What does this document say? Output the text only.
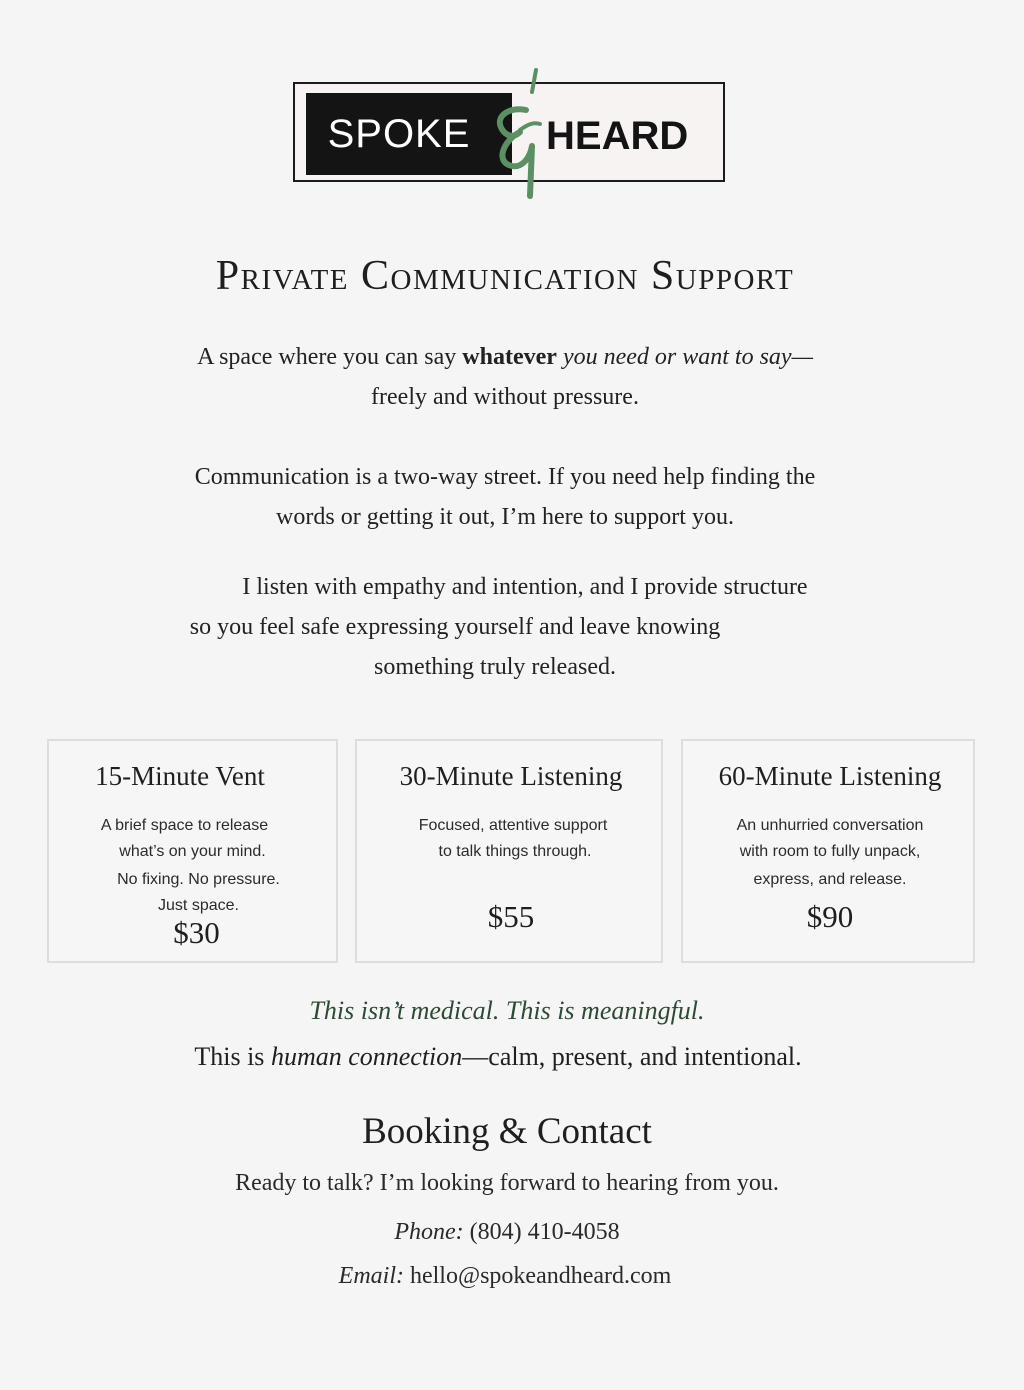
SPOKE	HEARD
Private Communication Support
A space where you can say whatever you need or want to say—
freely and without pressure.
Communication is a two-way street. If you need help finding the
words or getting it out, I’m here to support you.
I listen with empathy and intention, and I provide structure
so you feel safe expressing yourself and leave knowing
something truly released.
15-Minute Vent
A brief space to release
what’s on your mind.
No fixing. No pressure.
Just space.
$30
30-Minute Listening
Focused, attentive support
to talk things through.
$55
60-Minute Listening
An unhurried conversation
with room to fully unpack,
express, and release.
$90
This isn’t medical. This is meaningful.
This is human connection—calm, present, and intentional.
Booking & Contact
Ready to talk? I’m looking forward to hearing from you.
Phone: (804) 410-4058
Email: hello@spokeandheard.com
